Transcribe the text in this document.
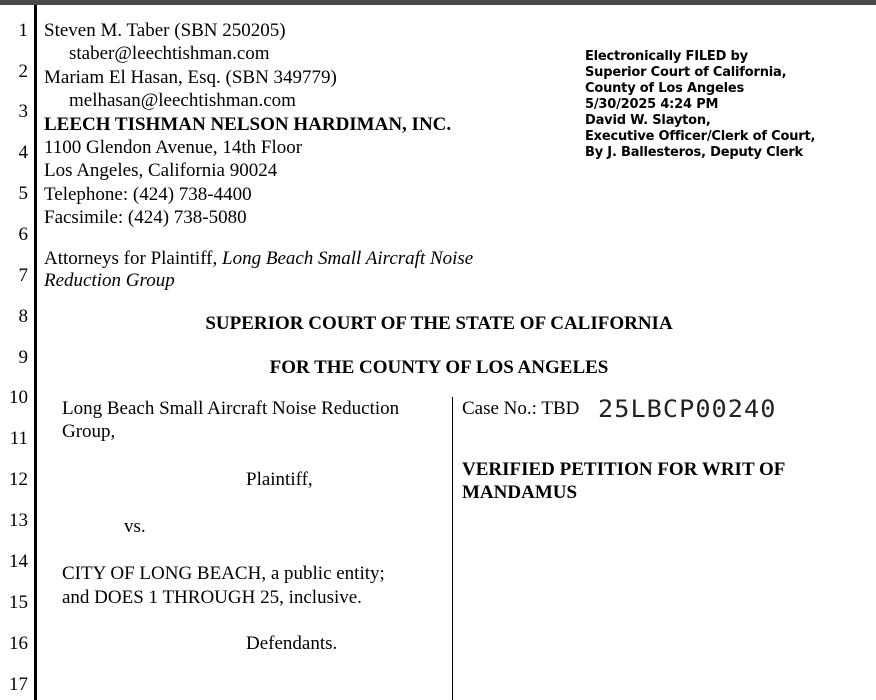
1
2
3
4
5
6
7
8
9
10
11
12
13
14
15
16
17
Steven M. Taber (SBN 250205)
staber@leechtishman.com
Mariam El Hasan, Esq. (SBN 349779)
melhasan@leechtishman.com
LEECH TISHMAN NELSON HARDIMAN, INC.
1100 Glendon Avenue, 14th Floor
Los Angeles, California 90024
Telephone: (424) 738-4400
Facsimile: (424) 738-5080
Attorneys for Plaintiff, Long Beach Small Aircraft Noise
Reduction Group
Electronically FILED by
Superior Court of California,
County of Los Angeles
5/30/2025 4:24 PM
David W. Slayton,
Executive Officer/Clerk of Court,
By J. Ballesteros, Deputy Clerk
SUPERIOR COURT OF THE STATE OF CALIFORNIA
FOR THE COUNTY OF LOS ANGELES
Long Beach Small Aircraft Noise Reduction
Group,
Plaintiff,
vs.
CITY OF LONG BEACH, a public entity;
and DOES 1 THROUGH 25, inclusive.
Defendants.
Case No.: TBD 25LBCP00240
VERIFIED PETITION FOR WRIT OF
MANDAMUS
